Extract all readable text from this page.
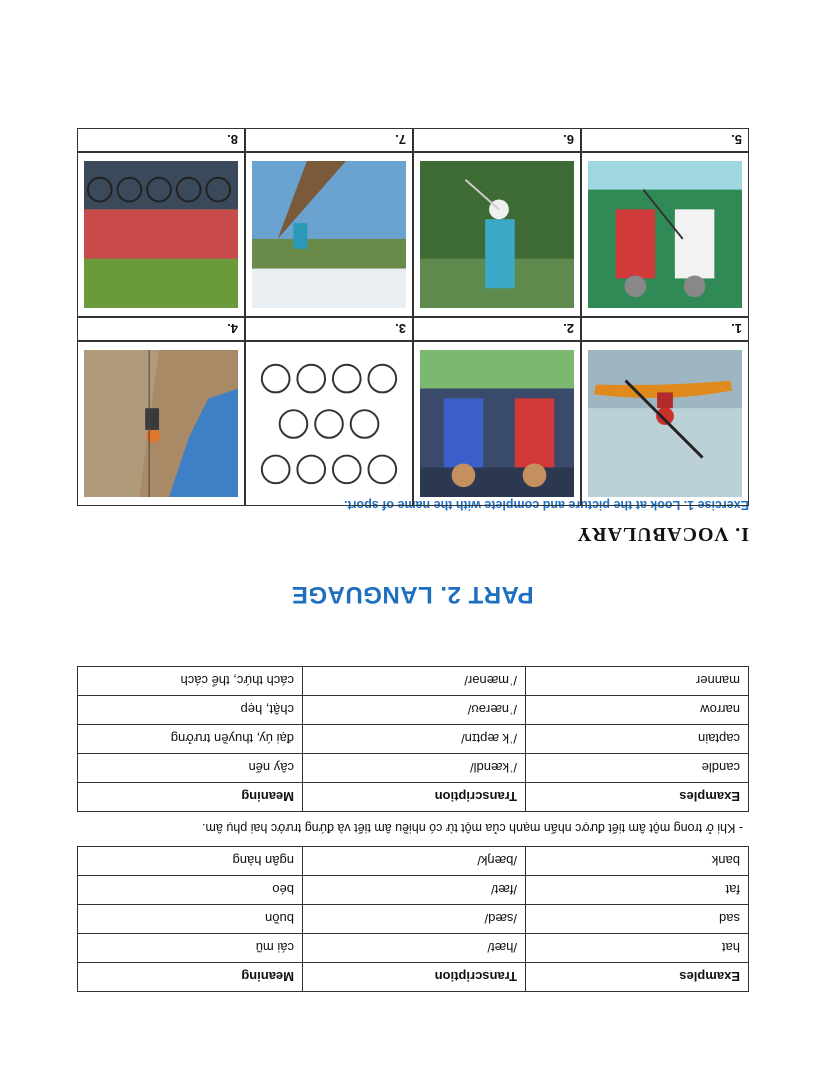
Examples	Transcription	Meaning
hat	/hæt/	cái mũ
sad	/sæd/	buồn
fat	/fæt/	béo
bank	/bæŋk/	ngân hàng
- Khi ở trong một âm tiết được nhấn mạnh của một từ có nhiều âm tiết và đứng trước hai phụ âm.
Examples	Transcription	Meaning
candle	/ˈkændl/	cây nến
captain	/ˈk æptɪn/	đại úy, thuyền trưởng
narrow	/ˈnærəʊ/	chật, hẹp
manner	/ˈmænər/	cách thức, thể cách
PART 2. LANGUAGE
I. VOCABULARY
Exercise 1. Look at the picture and complete with the name of sport.
1.
2.
3.
4.
5.
6.
7.
8.
